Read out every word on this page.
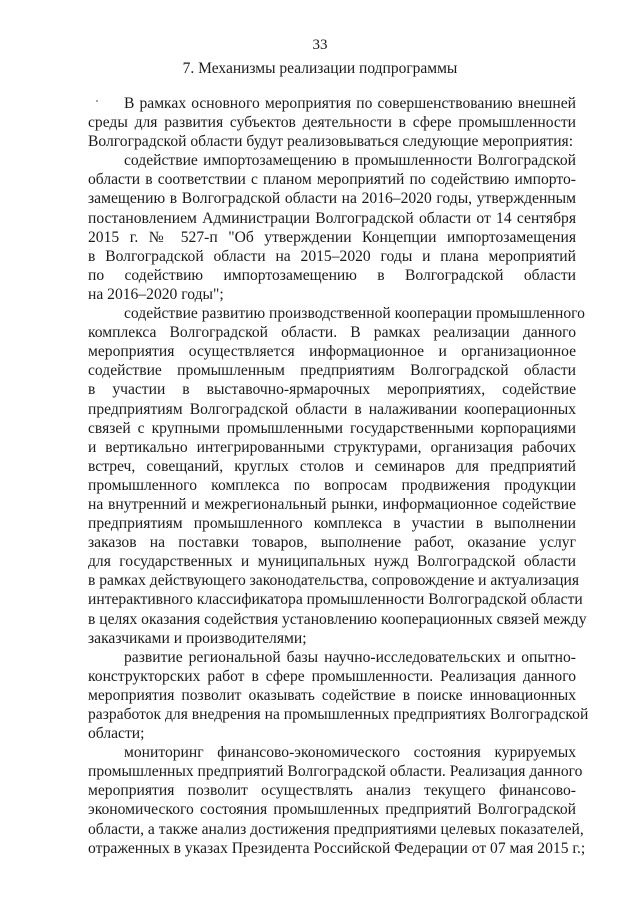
33
7. Механизмы реализации подпрограммы
В рамках основного мероприятия по совершенствованию внешней
среды для развития субъектов деятельности в сфере промышленности
Волгоградской области будут реализовываться следующие мероприятия:
содействие импортозамещению в промышленности Волгоградской
области в соответствии с планом мероприятий по содействию импорто-
замещению в Волгоградской области на 2016–2020 годы, утвержденным
постановлением Администрации Волгоградской области от 14 сентября
2015 г. № 527-п "Об утверждении Концепции импортозамещения
в Волгоградской области на 2015–2020 годы и плана мероприятий
по содействию импортозамещению в Волгоградской области
на 2016–2020 годы";
содействие развитию производственной кооперации промышленного
комплекса Волгоградской области. В рамках реализации данного
мероприятия осуществляется информационное и организационное
содействие промышленным предприятиям Волгоградской области
в участии в выставочно-ярмарочных мероприятиях, содействие
предприятиям Волгоградской области в налаживании кооперационных
связей с крупными промышленными государственными корпорациями
и вертикально интегрированными структурами, организация рабочих
встреч, совещаний, круглых столов и семинаров для предприятий
промышленного комплекса по вопросам продвижения продукции
на внутренний и межрегиональный рынки, информационное содействие
предприятиям промышленного комплекса в участии в выполнении
заказов на поставки товаров, выполнение работ, оказание услуг
для государственных и муниципальных нужд Волгоградской области
в рамках действующего законодательства, сопровождение и актуализация
интерактивного классификатора промышленности Волгоградской области
в целях оказания содействия установлению кооперационных связей между
заказчиками и производителями;
развитие региональной базы научно-исследовательских и опытно-
конструкторских работ в сфере промышленности. Реализация данного
мероприятия позволит оказывать содействие в поиске инновационных
разработок для внедрения на промышленных предприятиях Волгоградской
области;
мониторинг финансово-экономического состояния курируемых
промышленных предприятий Волгоградской области. Реализация данного
мероприятия позволит осуществлять анализ текущего финансово-
экономического состояния промышленных предприятий Волгоградской
области, а также анализ достижения предприятиями целевых показателей,
отраженных в указах Президента Российской Федерации от 07 мая 2015 г.;
